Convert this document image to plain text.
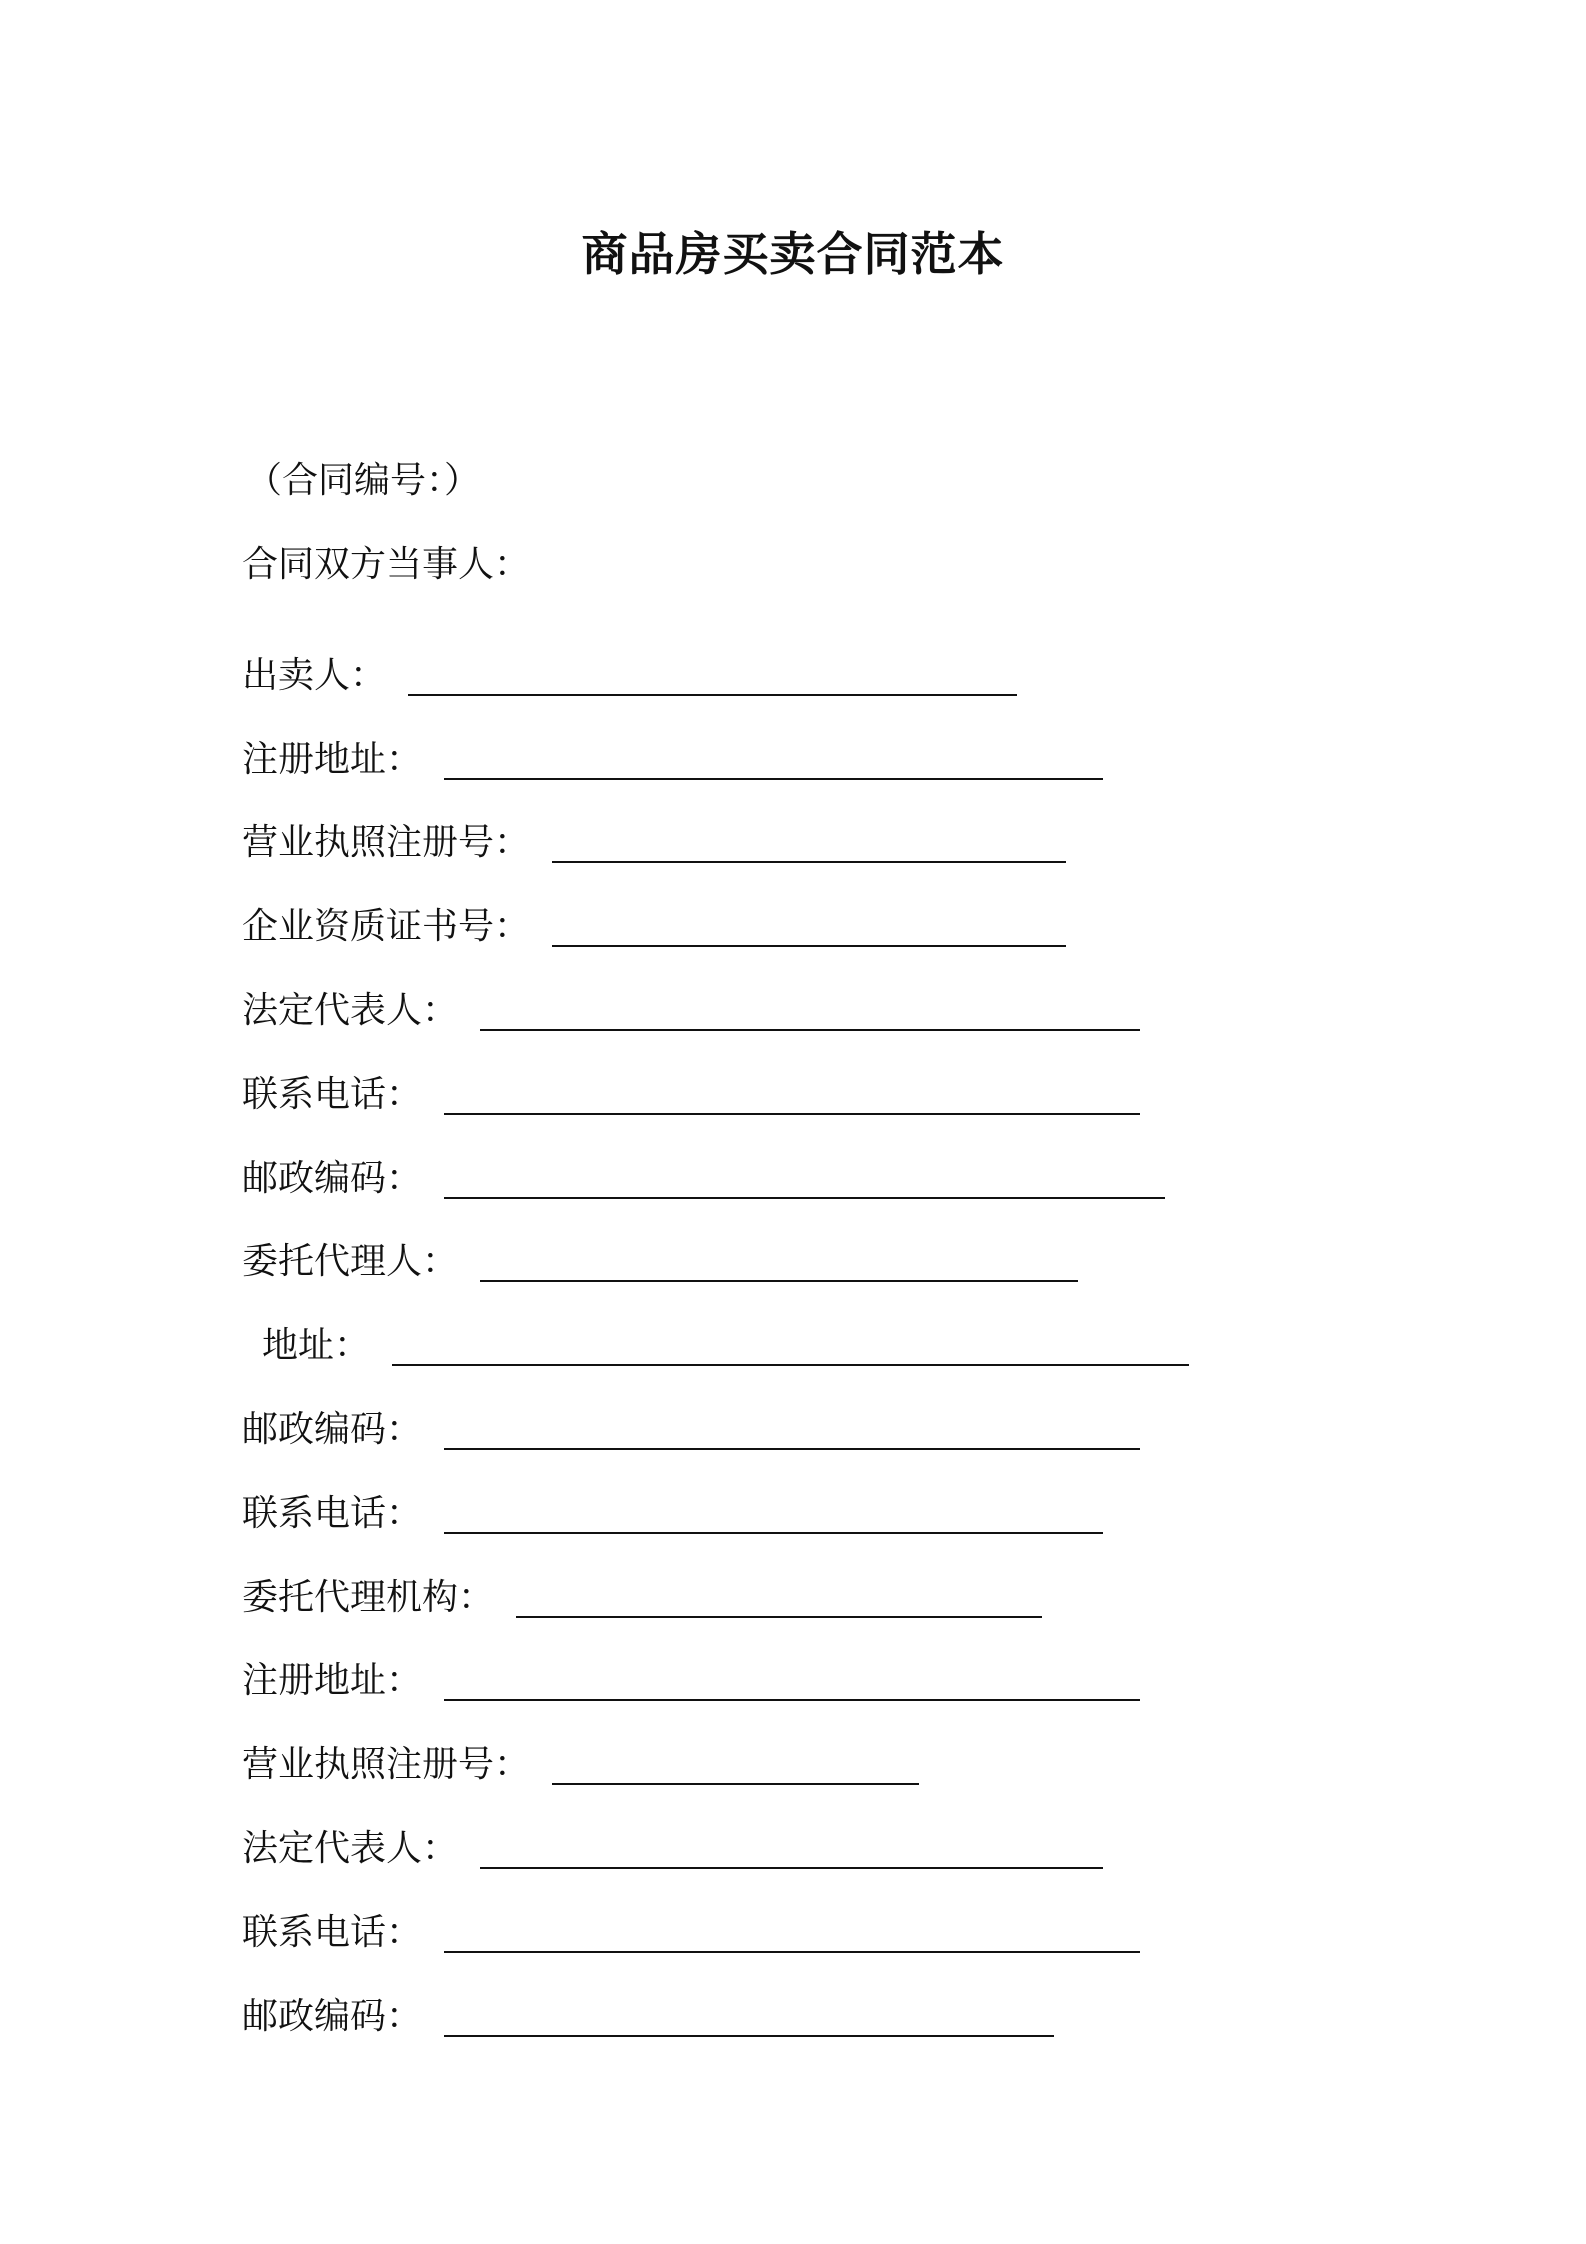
商品房买卖合同范本
（合同编号：）
合同双方当事人：
出卖人：
注册地址：
营业执照注册号：
企业资质证书号：
法定代表人：
联系电话：
邮政编码：
委托代理人：
地址：
邮政编码：
联系电话：
委托代理机构：
注册地址：
营业执照注册号：
法定代表人：
联系电话：
邮政编码：
